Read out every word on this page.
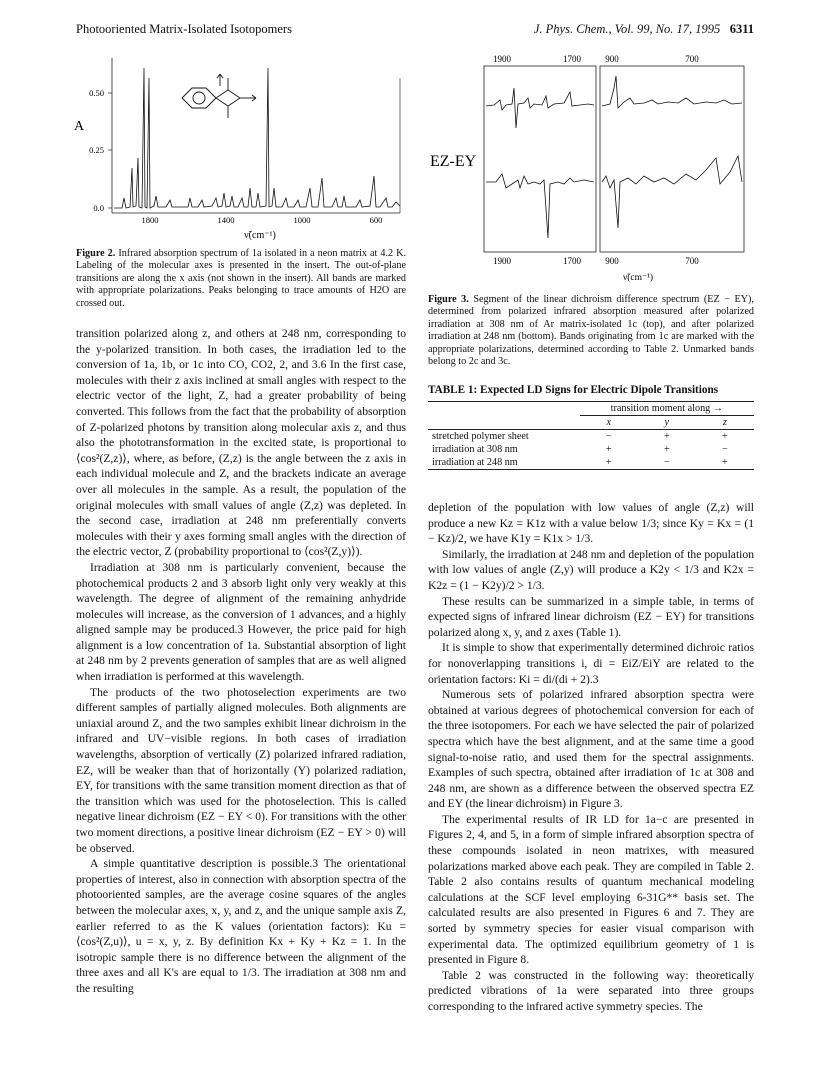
Photooriented Matrix-Isolated Isotopomers	J. Phys. Chem., Vol. 99, No. 17, 1995 6311
0.50
0.25
0.0
A
1800	1400	1000	600
ν̃(cm⁻¹)
Figure 2. Infrared absorption spectrum of 1a isolated in a neon matrix at 4.2 K. Labeling of the molecular axes is presented in the insert. The out-of-plane transitions are along the x axis (not shown in the insert). All bands are marked with appropriate polarizations. Peaks belonging to trace amounts of H2O are crossed out.

transition polarized along z, and others at 248 nm, corresponding to the y-polarized transition. In both cases, the irradiation led to the conversion of 1a, 1b, or 1c into CO, CO2, 2, and 3.6 In the first case, molecules with their z axis inclined at small angles with respect to the electric vector of the light, Z, had a greater probability of being converted. This follows from the fact that the probability of absorption of Z-polarized photons by transition along molecular axis z, and thus also the phototransformation in the excited state, is proportional to ⟨cos²(Z,z)⟩, where, as before, (Z,z) is the angle between the z axis in each individual molecule and Z, and the brackets indicate an average over all molecules in the sample. As a result, the population of the original molecules with small values of angle (Z,z) was depleted. In the second case, irradiation at 248 nm preferentially converts molecules with their y axes forming small angles with the direction of the electric vector, Z (probability proportional to ⟨cos²(Z,y)⟩).

Irradiation at 308 nm is particularly convenient, because the photochemical products 2 and 3 absorb light only very weakly at this wavelength. The degree of alignment of the remaining anhydride molecules will increase, as the conversion of 1 advances, and a highly aligned sample may be produced.3 However, the price paid for high alignment is a low concentration of 1a. Substantial absorption of light at 248 nm by 2 prevents generation of samples that are as well aligned when irradiation is performed at this wavelength.

The products of the two photoselection experiments are two different samples of partially aligned molecules. Both alignments are uniaxial around Z, and the two samples exhibit linear dichroism in the infrared and UV−visible regions. In both cases of irradiation wavelengths, absorption of vertically (Z) polarized infrared radiation, EZ, will be weaker than that of horizontally (Y) polarized radiation, EY, for transitions with the same transition moment direction as that of the transition which was used for the photoselection. This is called negative linear dichroism (EZ − EY < 0). For transitions with the other two moment directions, a positive linear dichroism (EZ − EY > 0) will be observed.

A simple quantitative description is possible.3 The orientational properties of interest, also in connection with absorption spectra of the photooriented samples, are the average cosine squares of the angles between the molecular axes, x, y, and z, and the unique sample axis Z, earlier referred to as the K values (orientation factors): Ku = ⟨cos²(Z,u)⟩, u = x, y, z. By definition Kx + Ky + Kz = 1. In the isotropic sample there is no difference between the alignment of the three axes and all K's are equal to 1/3. The irradiation at 308 nm and the resulting

1900	1700	900	700
EZ-EY
1900	1700	900	700
ν̃(cm⁻¹)
Figure 3. Segment of the linear dichroism difference spectrum (EZ − EY), determined from polarized infrared absorption measured after polarized irradiation at 308 nm of Ar matrix-isolated 1c (top), and after polarized irradiation at 248 nm (bottom). Bands originating from 1c are marked with the appropriate polarizations, determined according to Table 2. Unmarked bands belong to 2c and 3c.
TABLE 1: Expected LD Signs for Electric Dipole Transitions
	transition moment along →		
	x	y	z
stretched polymer sheet	−	+	+
irradiation at 308 nm	+	+	−
irradiation at 248 nm	+	−	+

depletion of the population with low values of angle (Z,z) will produce a new Kz = K1z with a value below 1/3; since Ky = Kx = (1 − Kz)/2, we have K1y = K1x > 1/3.

Similarly, the irradiation at 248 nm and depletion of the population with low values of angle (Z,y) will produce a K2y < 1/3 and K2x = K2z = (1 − K2y)/2 > 1/3.

These results can be summarized in a simple table, in terms of expected signs of infrared linear dichroism (EZ − EY) for transitions polarized along x, y, and z axes (Table 1).

It is simple to show that experimentally determined dichroic ratios for nonoverlapping transitions i, di = EiZ/EiY are related to the orientation factors: Ki = di/(di + 2).3

Numerous sets of polarized infrared absorption spectra were obtained at various degrees of photochemical conversion for each of the three isotopomers. For each we have selected the pair of polarized spectra which have the best alignment, and at the same time a good signal-to-noise ratio, and used them for the spectral assignments. Examples of such spectra, obtained after irradiation of 1c at 308 and 248 nm, are shown as a difference between the observed spectra EZ and EY (the linear dichroism) in Figure 3.

The experimental results of IR LD for 1a−c are presented in Figures 2, 4, and 5, in a form of simple infrared absorption spectra of these compounds isolated in neon matrixes, with measured polarizations marked above each peak. They are compiled in Table 2. Table 2 also contains results of quantum mechanical modeling calculations at the SCF level employing 6-31G** basis set. The calculated results are also presented in Figures 6 and 7. They are sorted by symmetry species for easier visual comparison with experimental data. The optimized equilibrium geometry of 1 is presented in Figure 8.

Table 2 was constructed in the following way: theoretically predicted vibrations of 1a were separated into three groups corresponding to the infrared active symmetry species. The
